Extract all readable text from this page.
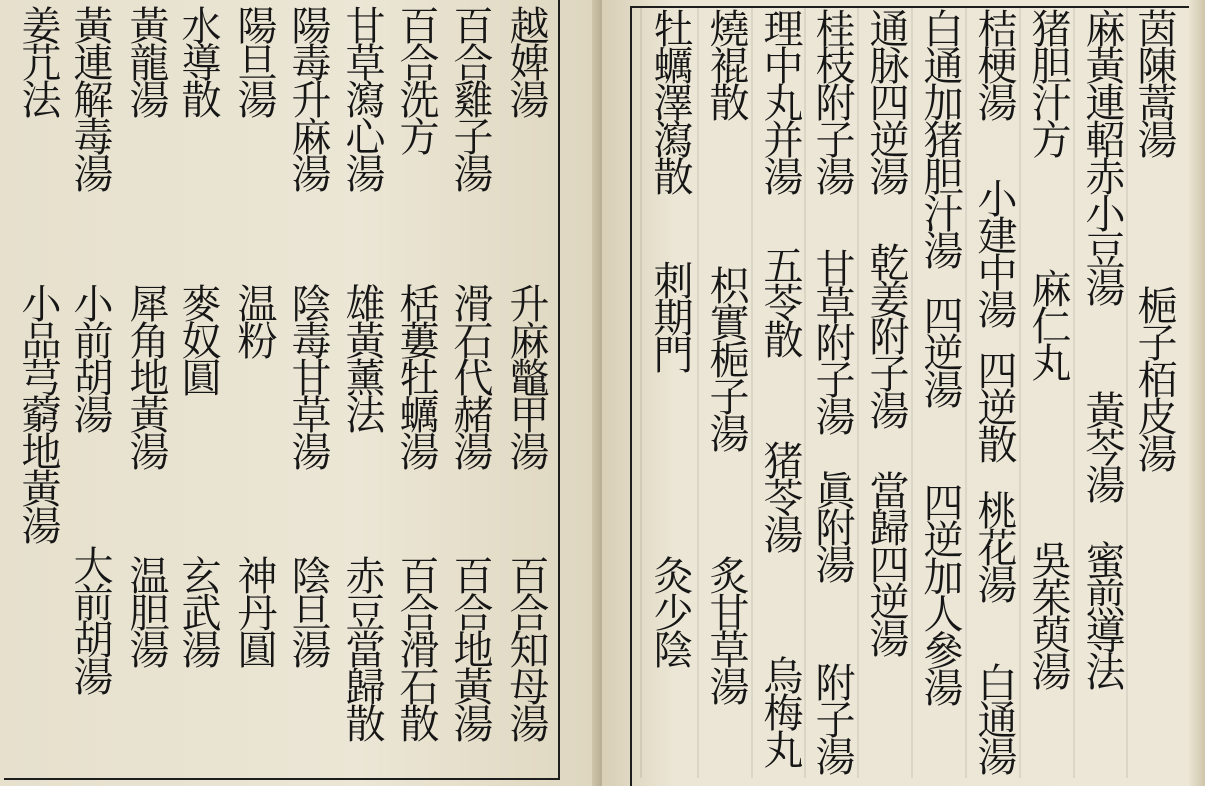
越婢湯
升麻鼈甲湯
百合知母湯
百合雞子湯
滑石代赭湯
百合地黃湯
百合洗方
栝蔞牡蠣湯
百合滑石散
甘草瀉心湯
雄黃薰法
赤豆當歸散
陽毒升麻湯
陰毒甘草湯
陰旦湯
陽旦湯
温粉
神丹圓
水導散
麥奴圓
玄武湯
黃龍湯
犀角地黃湯
温胆湯
黃連解毒湯
小前胡湯
大前胡湯
姜芁法
小品芎藭地黃湯
茵陳蒿湯
梔子栢皮湯
麻黃連軺赤小豆湯
黃芩湯
蜜煎導法
猪胆汁方
麻仁丸
吳茱萸湯
桔梗湯
小建中湯
四逆散
桃花湯
白通湯
白通加猪胆汁湯
四逆湯
四逆加人參湯
通脉四逆湯
乾姜附子湯
當歸四逆湯
桂枝附子湯
甘草附子湯
眞附湯
附子湯
理中丸并湯
五苓散
猪苓湯
烏梅丸
燒裩散
枳實梔子湯
炙甘草湯
牡蠣澤瀉散
刺期門
灸少陰
